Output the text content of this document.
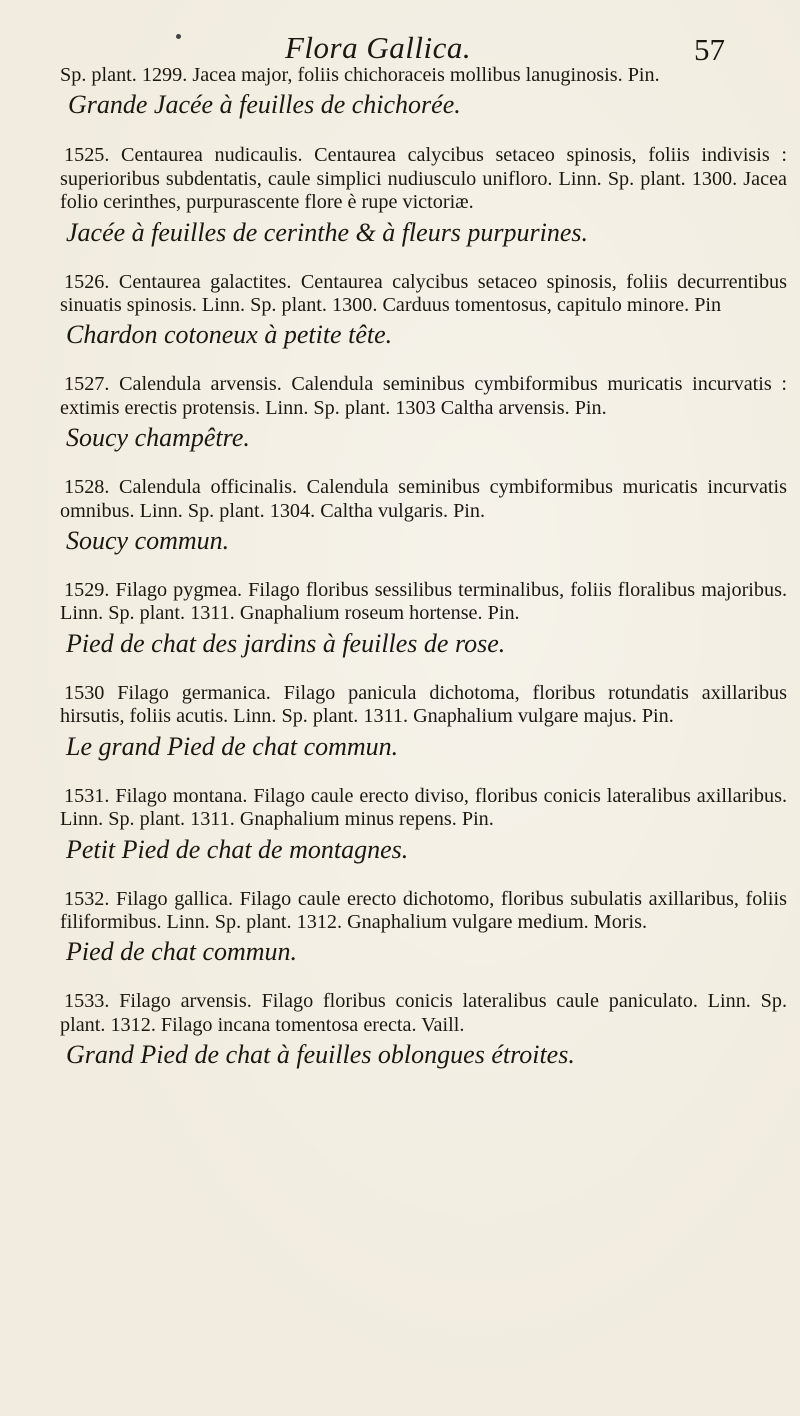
Flora Gallica.	57

Sp. plant. 1299. Jacea major, foliis chichoraceis mollibus lanuginosis. Pin.

Grande Jacée à feuilles de chichorée.

1525. Centaurea nudicaulis. Centaurea calycibus setaceo spinosis, foliis indivisis : superioribus subdentatis, caule simplici nudiusculo unifloro. Linn. Sp. plant. 1300. Jacea folio cerinthes, purpurascente flore è rupe victoriæ.

Jacée à feuilles de cerinthe & à fleurs purpurines.

1526. Centaurea galactites. Centaurea calycibus setaceo spinosis, foliis decurrentibus sinuatis spinosis. Linn. Sp. plant. 1300. Carduus tomentosus, capitulo minore. Pin

Chardon cotoneux à petite tête.

1527. Calendula arvensis. Calendula seminibus cymbiformibus muricatis incurvatis : extimis erectis protensis. Linn. Sp. plant. 1303 Caltha arvensis. Pin.

Soucy champêtre.

1528. Calendula officinalis. Calendula seminibus cymbiformibus muricatis incurvatis omnibus. Linn. Sp. plant. 1304. Caltha vulgaris. Pin.

Soucy commun.

1529. Filago pygmea. Filago floribus sessilibus terminalibus, foliis floralibus majoribus. Linn. Sp. plant. 1311. Gnaphalium roseum hortense. Pin.

Pied de chat des jardins à feuilles de rose.

1530 Filago germanica. Filago panicula dichotoma, floribus rotundatis axillaribus hirsutis, foliis acutis. Linn. Sp. plant. 1311. Gnaphalium vulgare majus. Pin.

Le grand Pied de chat commun.

1531. Filago montana. Filago caule erecto diviso, floribus conicis lateralibus axillaribus. Linn. Sp. plant. 1311. Gnaphalium minus repens. Pin.

Petit Pied de chat de montagnes.

1532. Filago gallica. Filago caule erecto dichotomo, floribus subulatis axillaribus, foliis filiformibus. Linn. Sp. plant. 1312. Gnaphalium vulgare medium. Moris.

Pied de chat commun.

1533. Filago arvensis. Filago floribus conicis lateralibus caule paniculato. Linn. Sp. plant. 1312. Filago incana tomentosa erecta. Vaill.

Grand Pied de chat à feuilles oblongues étroites.
